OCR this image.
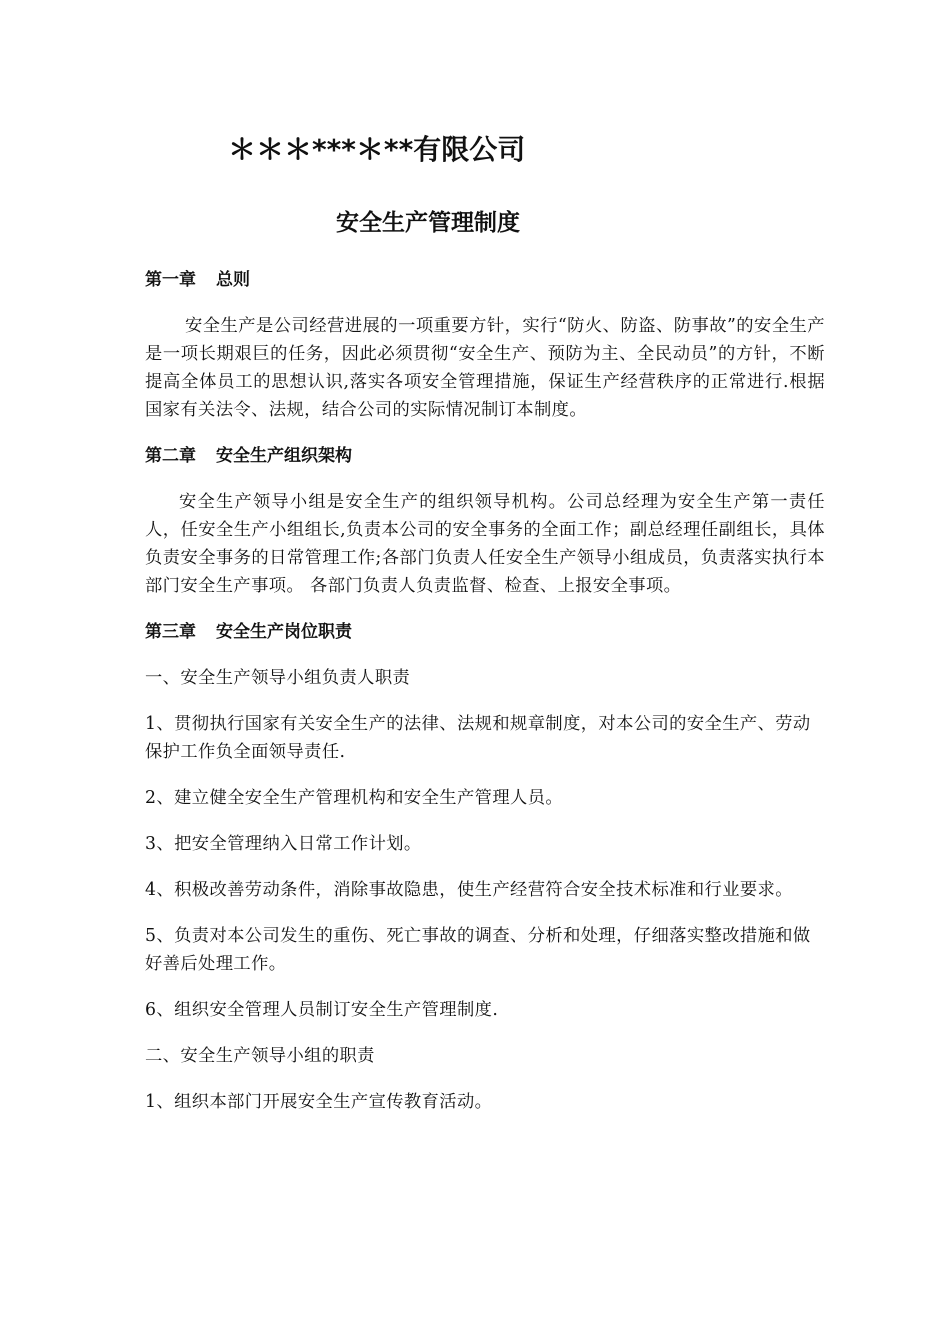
＊＊＊***＊**有限公司
安全生产管理制度
第一章 总则

安全生产是公司经营进展的一项重要方针，实行“防火、防盗、防事故”的安全生产是一项长期艰巨的任务，因此必须贯彻“安全生产、预防为主、全民动员”的方针，不断提高全体员工的思想认识,落实各项安全管理措施，保证生产经营秩序的正常进行.根据国家有关法令、法规，结合公司的实际情况制订本制度。

第二章 安全生产组织架构

安全生产领导小组是安全生产的组织领导机构。公司总经理为安全生产第一责任人，任安全生产小组组长,负责本公司的安全事务的全面工作；副总经理任副组长，具体负责安全事务的日常管理工作;各部门负责人任安全生产领导小组成员，负责落实执行本部门安全生产事项。 各部门负责人负责监督、检查、上报安全事项。

第三章 安全生产岗位职责

一、安全生产领导小组负责人职责

1、贯彻执行国家有关安全生产的法律、法规和规章制度，对本公司的安全生产、劳动保护工作负全面领导责任.

2、建立健全安全生产管理机构和安全生产管理人员。

3、把安全管理纳入日常工作计划。

4、积极改善劳动条件，消除事故隐患，使生产经营符合安全技术标准和行业要求。

5、负责对本公司发生的重伤、死亡事故的调查、分析和处理，仔细落实整改措施和做好善后处理工作。

6、组织安全管理人员制订安全生产管理制度.

二、安全生产领导小组的职责

1、组织本部门开展安全生产宣传教育活动。
